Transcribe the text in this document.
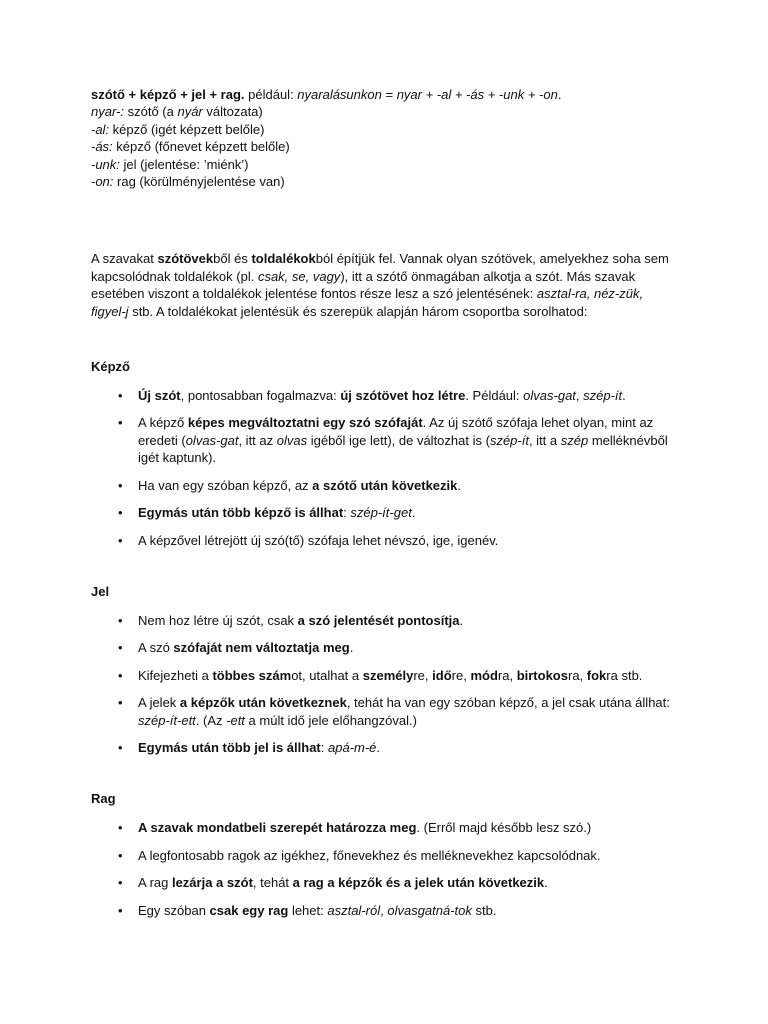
szótő + képző + jel + rag. például: nyaralásunkon = nyar + -al + -ás + -unk + -on.

nyar-: szótő (a nyár változata)

-al: képző (igét képzett belőle)

-ás: képző (főnevet képzett belőle)

-unk: jel (jelentése: ’miénk’)

-on: rag (körülményjelentése van)

A szavakat szótövekből és toldalékokból építjük fel. Vannak olyan szótövek, amelyekhez soha sem kapcsolódnak toldalékok (pl. csak, se, vagy), itt a szótő önmagában alkotja a szót. Más szavak esetében viszont a toldalékok jelentése fontos része lesz a szó jelentésének: asztal-ra, néz-zük, figyel-j stb. A toldalékokat jelentésük és szerepük alapján három csoportba sorolhatod:

Képző

• Új szót, pontosabban fogalmazva: új szótövet hoz létre. Például: olvas-gat, szép-ít.
• A képző képes megváltoztatni egy szó szófaját. Az új szótő szófaja lehet olyan, mint az eredeti (olvas-gat, itt az olvas igéből ige lett), de változhat is (szép-ít, itt a szép melléknévből igét kaptunk).
• Ha van egy szóban képző, az a szótő után következik.
• Egymás után több képző is állhat: szép-ít-get.
• A képzővel létrejött új szó(tő) szófaja lehet névszó, ige, igenév.

Jel

• Nem hoz létre új szót, csak a szó jelentését pontosítja.
• A szó szófaját nem változtatja meg.
• Kifejezheti a többes számot, utalhat a személyre, időre, módra, birtokosra, fokra stb.
• A jelek a képzők után következnek, tehát ha van egy szóban képző, a jel csak utána állhat: szép-ít-ett. (Az -ett a múlt idő jele előhangzóval.)
• Egymás után több jel is állhat: apá-m-é.

Rag

• A szavak mondatbeli szerepét határozza meg. (Erről majd később lesz szó.)
• A legfontosabb ragok az igékhez, főnevekhez és melléknevekhez kapcsolódnak.
• A rag lezárja a szót, tehát a rag a képzők és a jelek után következik.
• Egy szóban csak egy rag lehet: asztal-ról, olvasgatná-tok stb.
